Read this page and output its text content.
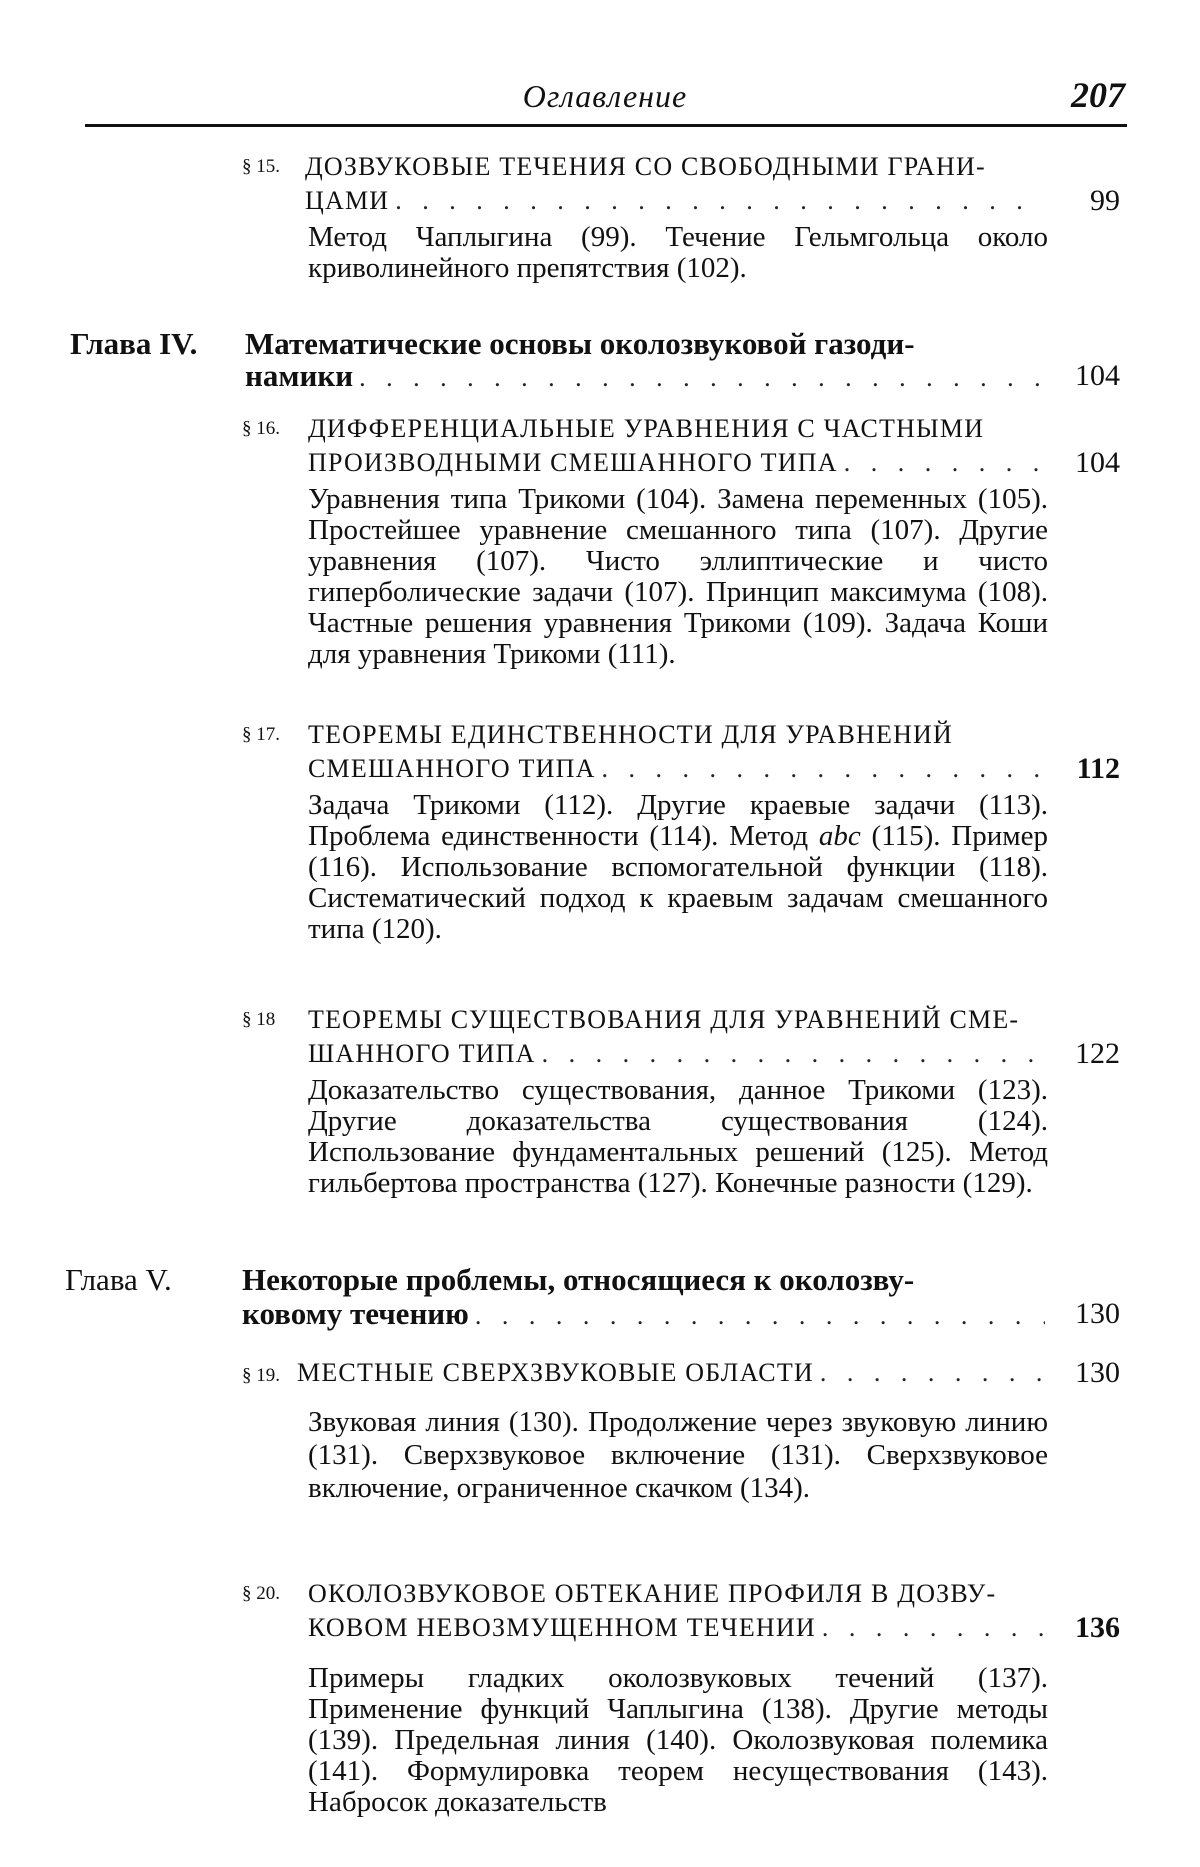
Оглавление	207
§ 15. ДОЗВУКОВЫЕ ТЕЧЕНИЯ СО СВОБОДНЫМИ ГРАНИ-
ЦАМИ . . . . . . . . . . . . . . . . . . . . . . . .	99
Метод Чаплыгина (99). Течение Гельмгольца около криволинейного препятствия (102).
Глава IV. Математические основы околозвуковой газоди-
намики . . . . . . . . . . . . . . . . . . . . . . . . .	104
§ 16. ДИФФЕРЕНЦИАЛЬНЫЕ УРАВНЕНИЯ С ЧАСТНЫМИ
ПРОИЗВОДНЫМИ СМЕШАННОГО ТИПА . . . . . . . . 104
Уравнения типа Трикоми (104). Замена переменных (105). Простейшее уравнение смешанного типа (107). Другие уравнения (107). Чисто эллиптические и чисто гиперболические задачи (107). Принцип максимума (108). Частные решения уравнения Трикоми (109). Задача Коши для уравнения Трикоми (111).
§ 17. ТЕОРЕМЫ ЕДИНСТВЕННОСТИ ДЛЯ УРАВНЕНИЙ
СМЕШАННОГО ТИПА . . . . . . . . . . . . . . . .	112
Задача Трикоми (112). Другие краевые задачи (113). Проблема единственности (114). Метод abc (115). Пример (116). Использование вспомогательной функции (118). Систематический подход к краевым задачам смешанного типа (120).
§ 18 ТЕОРЕМЫ СУЩЕСТВОВАНИЯ ДЛЯ УРАВНЕНИЙ СМЕ-
ШАННОГО ТИПА . . . . . . . . . . . . . . . . . . .	122
Доказательство существования, данное Трикоми (123). Другие доказательства существования (124). Использование фундаментальных решений (125). Метод гильбертова пространства (127). Конечные разности (129).
Глава V. Некоторые проблемы, относящиеся к околозву-
ковому течению . . . . . . . . . . . . . . . . . . . . .	130
§ 19. МЕСТНЫЕ СВЕРХЗВУКОВЫЕ ОБЛАСТИ . . . . . . . .	130
Звуковая линия (130). Продолжение через звуковую линию (131). Сверхзвуковое включение (131). Сверхзвуковое включение, ограниченное скачком (134).
§ 20. ОКОЛОЗВУКОВОЕ ОБТЕКАНИЕ ПРОФИЛЯ В ДОЗВУ-
КОВОМ НЕВОЗМУЩЕННОМ ТЕЧЕНИИ . . . . . . . .	136
Примеры гладких околозвуковых течений (137). Применение функций Чаплыгина (138). Другие методы (139). Предельная линия (140). Околозвуковая полемика (141). Формулировка теорем несуществования (143). Набросок доказательств
